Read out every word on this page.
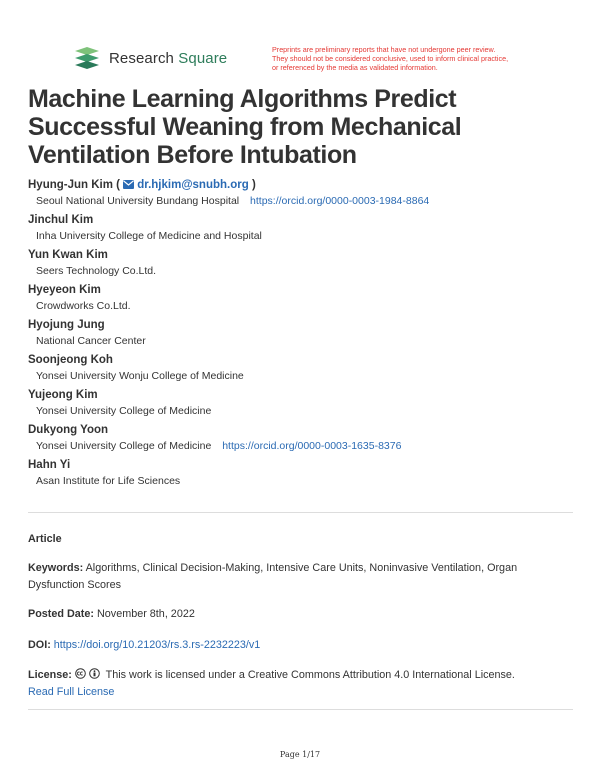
Research Square	Preprints are preliminary reports that have not undergone peer review.
They should not be considered conclusive, used to inform clinical practice,
or referenced by the media as validated information.
Machine Learning Algorithms Predict Successful Weaning from Mechanical Ventilation Before Intubation
Hyung-Jun Kim ( dr.hjkim@snubh.org )
Seoul National University Bundang Hospital https://orcid.org/0000-0003-1984-8864
Jinchul Kim
Inha University College of Medicine and Hospital
Yun Kwan Kim
Seers Technology Co.Ltd.
Hyeyeon Kim
Crowdworks Co.Ltd.
Hyojung Jung
National Cancer Center
Soonjeong Koh
Yonsei University Wonju College of Medicine
Yujeong Kim
Yonsei University College of Medicine
Dukyong Yoon
Yonsei University College of Medicine https://orcid.org/0000-0003-1635-8376
Hahn Yi
Asan Institute for Life Sciences
Article
Keywords: Algorithms, Clinical Decision-Making, Intensive Care Units, Noninvasive Ventilation, Organ Dysfunction Scores
Posted Date: November 8th, 2022
DOI: https://doi.org/10.21203/rs.3.rs-2232223/v1
License:	This work is licensed under a Creative Commons Attribution 4.0 International License.
Read Full License
Page 1/17
